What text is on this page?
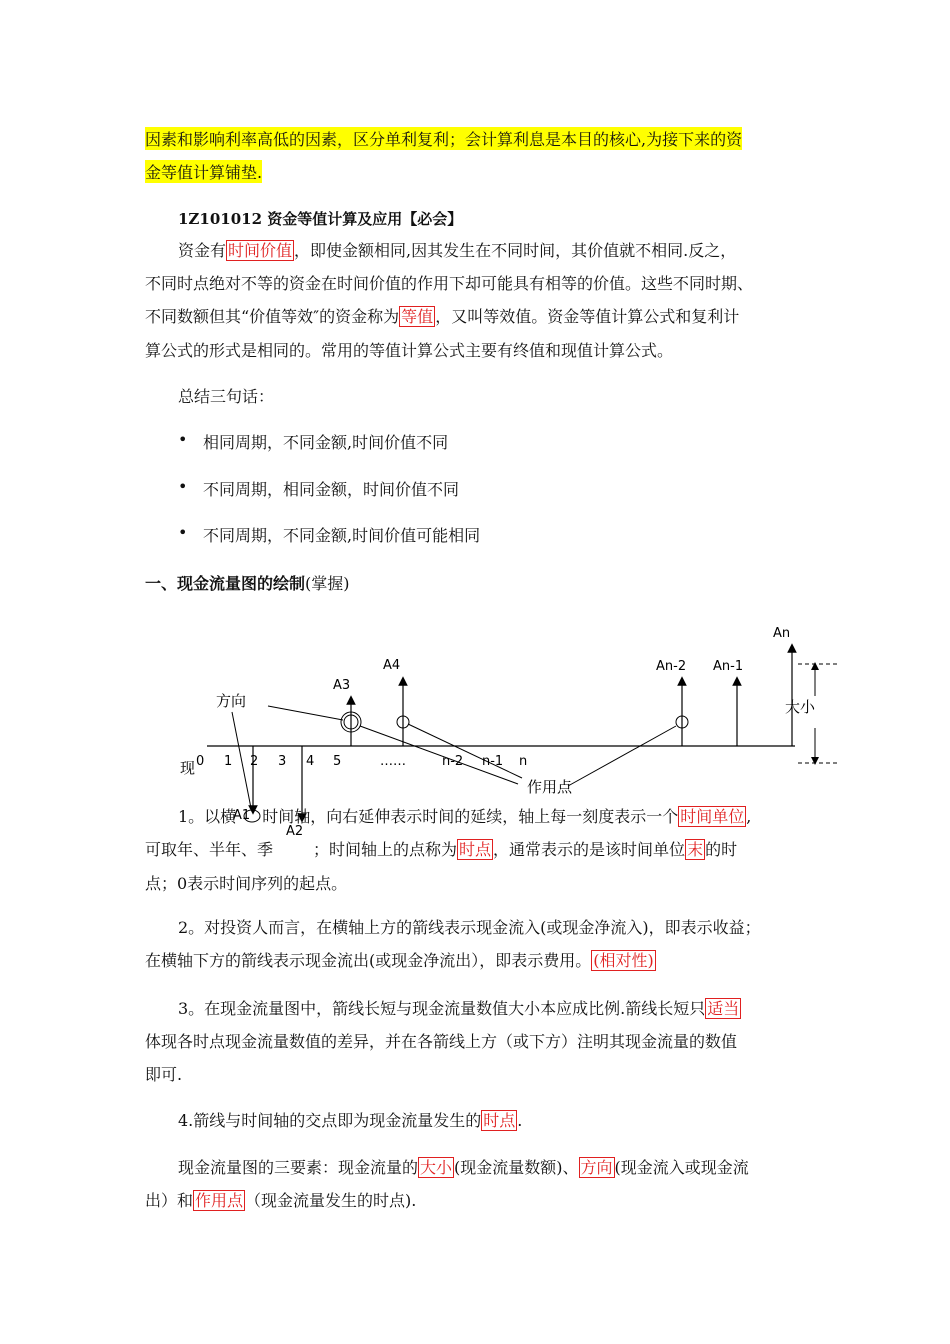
因素和影响利率高低的因素，区分单利复利；会计算利息是本目的核心,为接下来的资
金等值计算铺垫.
1Z101012 资金等值计算及应用【必会】
资金有 时间价值 ，即使金额相同,因其发生在不同时间，其价值就不相同.反之，
不同时点绝对不等的资金在时间价值的作用下却可能具有相等的价值。这些不同时期、
不同数额但其“价值等效″的资金称为 等值 ，又叫等效值。资金等值计算公式和复利计
算公式的形式是相同的。常用的等值计算公式主要有终值和现值计算公式。
总结三句话：
• 相同周期，不同金额,时间价值不同
• 不同周期，相同金额，时间价值不同
• 不同周期，不同金额,时间价值可能相同
一、现金流量图的绘制(掌握)
An
An-1
An-2
A4
A3
A2
A1
方向	大小
作用点
现 0 1 2 3 4 5	……	n-2 n-1 n
1。以横 时间轴，向右延伸表示时间的延续，轴上每一刻度表示一个 时间单位 ,
可取年、半年、季	；时间轴上的点称为 时点 ，通常表示的是该时间单位 末 的时
点；0表示时间序列的起点。
2。对投资人而言，在横轴上方的箭线表示现金流入(或现金净流入)，即表示收益；
在横轴下方的箭线表示现金流出(或现金净流出），即表示费用。 (相对性)
3。在现金流量图中，箭线长短与现金流量数值大小本应成比例.箭线长短只 适当
体现各时点现金流量数值的差异，并在各箭线上方（或下方）注明其现金流量的数值
即可.
4.箭线与时间轴的交点即为现金流量发生的 时点 .
现金流量图的三要素：现金流量的 大小 (现金流量数额)、 方向 (现金流入或现金流
出）和 作用点 （现金流量发生的时点).
